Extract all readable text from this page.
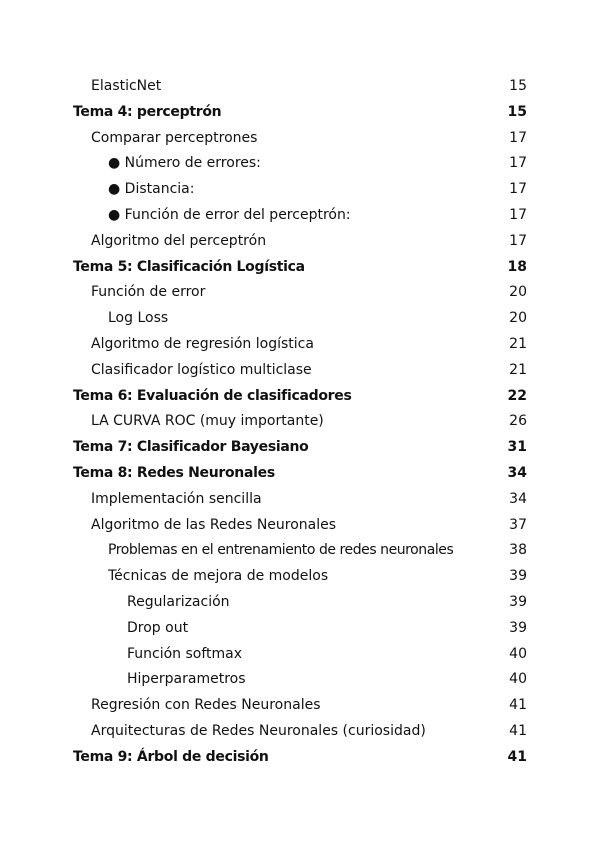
ElasticNet	15
Tema 4: perceptrón	15
Comparar perceptrones	17
● Número de errores:	17
● Distancia:	17
● Función de error del perceptrón:	17
Algoritmo del perceptrón	17
Tema 5: Clasificación Logística	18
Función de error	20
Log Loss	20
Algoritmo de regresión logística	21
Clasificador logístico multiclase	21
Tema 6: Evaluación de clasificadores	22
LA CURVA ROC (muy importante)	26
Tema 7: Clasificador Bayesiano	31
Tema 8: Redes Neuronales	34
Implementación sencilla	34
Algoritmo de las Redes Neuronales	37
Problemas en el entrenamiento de redes neuronales	38
Técnicas de mejora de modelos	39
Regularización	39
Drop out	39
Función softmax	40
Hiperparametros	40
Regresión con Redes Neuronales	41
Arquitecturas de Redes Neuronales (curiosidad)	41
Tema 9: Árbol de decisión	41
